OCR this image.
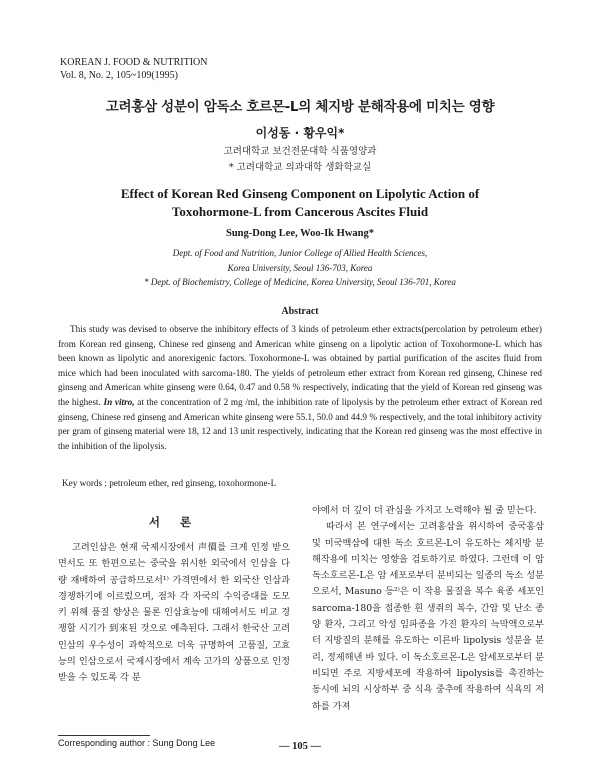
KOREAN J. FOOD & NUTRITION
Vol. 8, No. 2, 105~109(1995)
고려홍삼 성분이 암독소 호르몬-L의 체지방 분해작용에 미치는 영향
이성동 · 황우익*
고려대학교 보건전문대학 식품영양과
* 고려대학교 의과대학 생화학교실
Effect of Korean Red Ginseng Component on Lipolytic Action of
Toxohormone-L from Cancerous Ascites Fluid
Sung-Dong Lee, Woo-Ik Hwang*
Dept. of Food and Nutrition, Junior College of Allied Health Sciences,
Korea University, Seoul 136-703, Korea
* Dept. of Biochemistry, College of Medicine, Korea University, Seoul 136-701, Korea
Abstract

This study was devised to observe the inhibitory effects of 3 kinds of petroleum ether extracts(percolation by petroleum ether) from Korean red ginseng, Chinese red ginseng and American white ginseng on a lipolytic action of Toxohormone-L which has been known as lipolytic and anorexigenic factors. Toxohormone-L was obtained by partial purification of the ascites fluid from mice which had been inoculated with sarcoma-180. The yields of petroleum ether extract from Korean red ginseng, Chinese red ginseng and American white ginseng were 0.64, 0.47 and 0.58 % respectively, indicating that the yield of Korean red ginseng was the highest. In vitro, at the concentration of 2 mg /ml, the inhibition rate of lipolysis by the petroleum ether extract of Korean red ginseng, Chinese red ginseng and American white ginseng were 55.1, 50.0 and 44.9 % respectively, and the total inhibitory activity per gram of ginseng material were 18, 12 and 13 unit respectively, indicating that the Korean red ginseng was the most effective in the inhibition of the lipolysis.

Key words : petroleum ether, red ginseng, toxohormone-L
서 론

고려인삼은 현재 국제시장에서 声價를 크게 인정 받으면서도 또 한편으로는 중국을 위시한 외국에서 인삼을 다량 재배하여 공급하므로서¹⁾ 가격면에서 한 외국산 인삼과 경쟁하기에 이르렀으며, 점차 각 자국의 수익증대를 도모키 위해 품질 향상은 물론 인삼효능에 대해여서도 비교 경쟁할 시기가 到來된 것으로 예측된다. 그래서 한국산 고려인삼의 우수성이 과학적으로 더욱 규명하여 고품질, 고효능의 인삼으로서 국제시장에서 계속 고가의 상품으로 인정받을 수 있도록 각 분

야에서 더 깊이 더 관심을 가지고 노력해야 될 줄 믿는다.

따라서 본 연구에서는 고려홍삼을 위시하여 중국홍삼 및 미국백삼에 대한 독소 호르몬-L이 유도하는 체지방 분해작용에 미치는 영향을 검토하기로 하였다. 그런데 이 암독소호르몬-L은 암 세포로부터 분비되는 일종의 독소 성분으로서, Masuno 등²⁾은 이 작용 물질을 복수 육종 세포인 sarcoma-180을 접종한 흰 생쥐의 복수, 간암 및 난소 종양 환자, 그리고 악성 임파종을 가진 환자의 늑막액으로부터 지방질의 분해를 유도하는 이른바 lipolysis 성분을 분리, 정제해낸 바 있다. 이 독소호르몬-L은 암세포로부터 분비되면 주로 지방세포에 작용하여 lipolysis를 촉진하는 동시에 뇌의 시상하부 중 식욕 중추에 작용하여 식욕의 저하를 가져

Corresponding author : Sung Dong Lee	— 105 —
